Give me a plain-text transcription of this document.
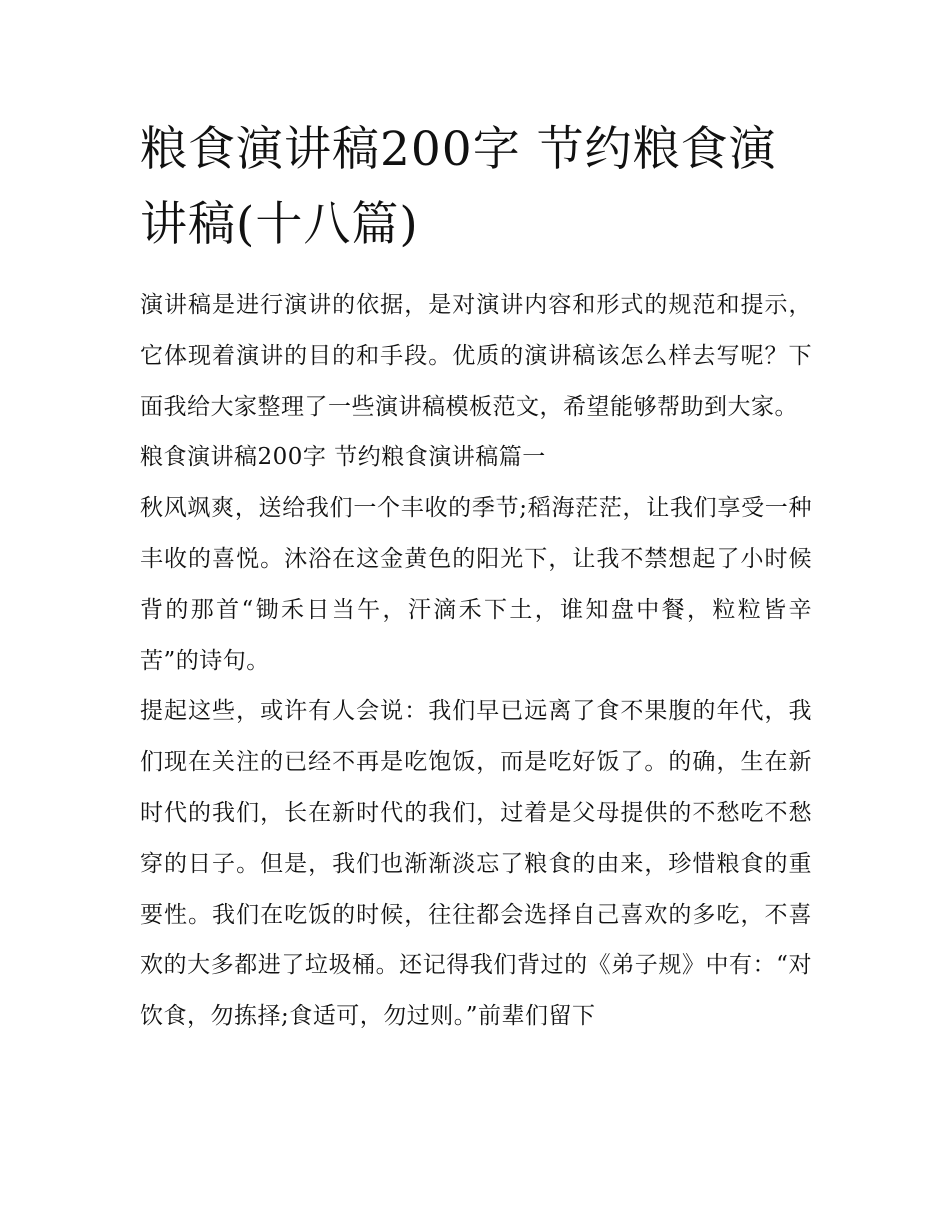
粮食演讲稿200字 节约粮食演讲稿(十八篇)

演讲稿是进行演讲的依据，是对演讲内容和形式的规范和提示，它体现着演讲的目的和手段。优质的演讲稿该怎么样去写呢？下面我给大家整理了一些演讲稿模板范文，希望能够帮助到大家。

粮食演讲稿200字 节约粮食演讲稿篇一

秋风飒爽，送给我们一个丰收的季节;稻海茫茫，让我们享受一种丰收的喜悦。沐浴在这金黄色的阳光下，让我不禁想起了小时候背的那首“锄禾日当午，汗滴禾下土，谁知盘中餐，粒粒皆辛苦”的诗句。

提起这些，或许有人会说：我们早已远离了食不果腹的年代，我们现在关注的已经不再是吃饱饭，而是吃好饭了。的确，生在新时代的我们，长在新时代的我们，过着是父母提供的不愁吃不愁穿的日子。但是，我们也渐渐淡忘了粮食的由来，珍惜粮食的重要性。我们在吃饭的时候，往往都会选择自己喜欢的多吃，不喜欢的大多都进了垃圾桶。还记得我们背过的《弟子规》中有：“对饮食，勿拣择;食适可，勿过则。”前辈们留下
